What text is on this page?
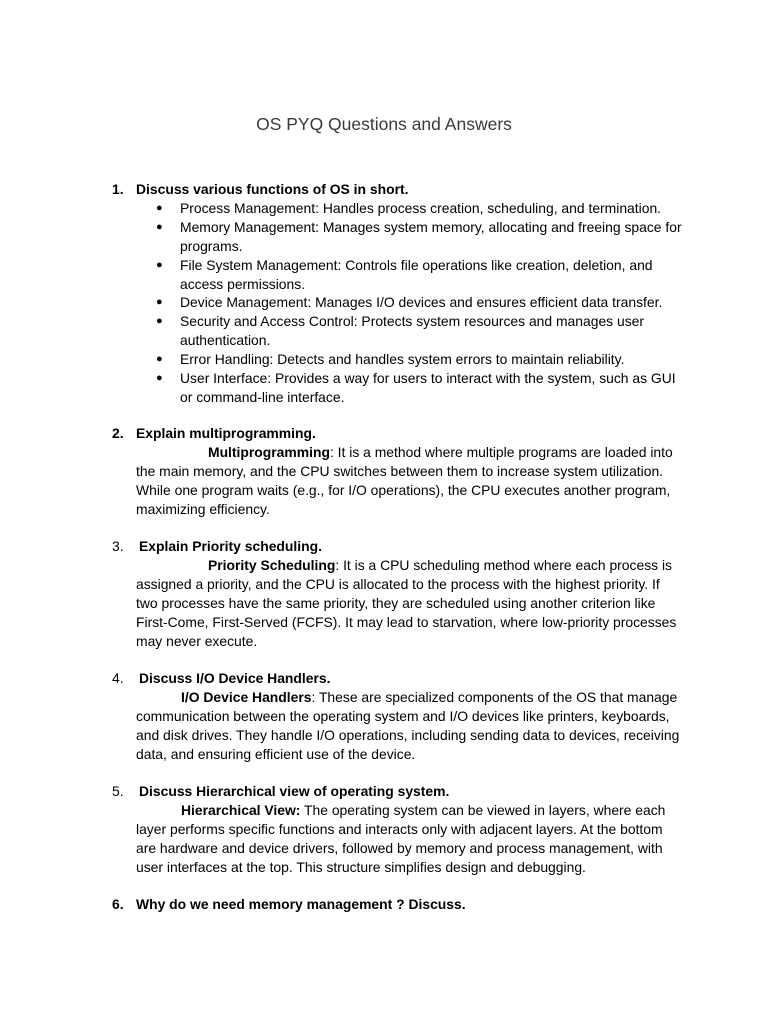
OS PYQ Questions and Answers
1. Discuss various functions of OS in short.
● Process Management: Handles process creation, scheduling, and termination.
● Memory Management: Manages system memory, allocating and freeing space for programs.
● File System Management: Controls file operations like creation, deletion, and access permissions.
● Device Management: Manages I/O devices and ensures efficient data transfer.
● Security and Access Control: Protects system resources and manages user authentication.
● Error Handling: Detects and handles system errors to maintain reliability.
● User Interface: Provides a way for users to interact with the system, such as GUI or command-line interface.
2. Explain multiprogramming.
Multiprogramming: It is a method where multiple programs are loaded into the main memory, and the CPU switches between them to increase system utilization. While one program waits (e.g., for I/O operations), the CPU executes another program, maximizing efficiency.
3. Explain Priority scheduling.
Priority Scheduling: It is a CPU scheduling method where each process is assigned a priority, and the CPU is allocated to the process with the highest priority. If two processes have the same priority, they are scheduled using another criterion like First-Come, First-Served (FCFS). It may lead to starvation, where low-priority processes may never execute.
4. Discuss I/O Device Handlers.
I/O Device Handlers: These are specialized components of the OS that manage communication between the operating system and I/O devices like printers, keyboards, and disk drives. They handle I/O operations, including sending data to devices, receiving data, and ensuring efficient use of the device.
5. Discuss Hierarchical view of operating system.
Hierarchical View: The operating system can be viewed in layers, where each layer performs specific functions and interacts only with adjacent layers. At the bottom are hardware and device drivers, followed by memory and process management, with user interfaces at the top. This structure simplifies design and debugging.
6. Why do we need memory management ? Discuss.
